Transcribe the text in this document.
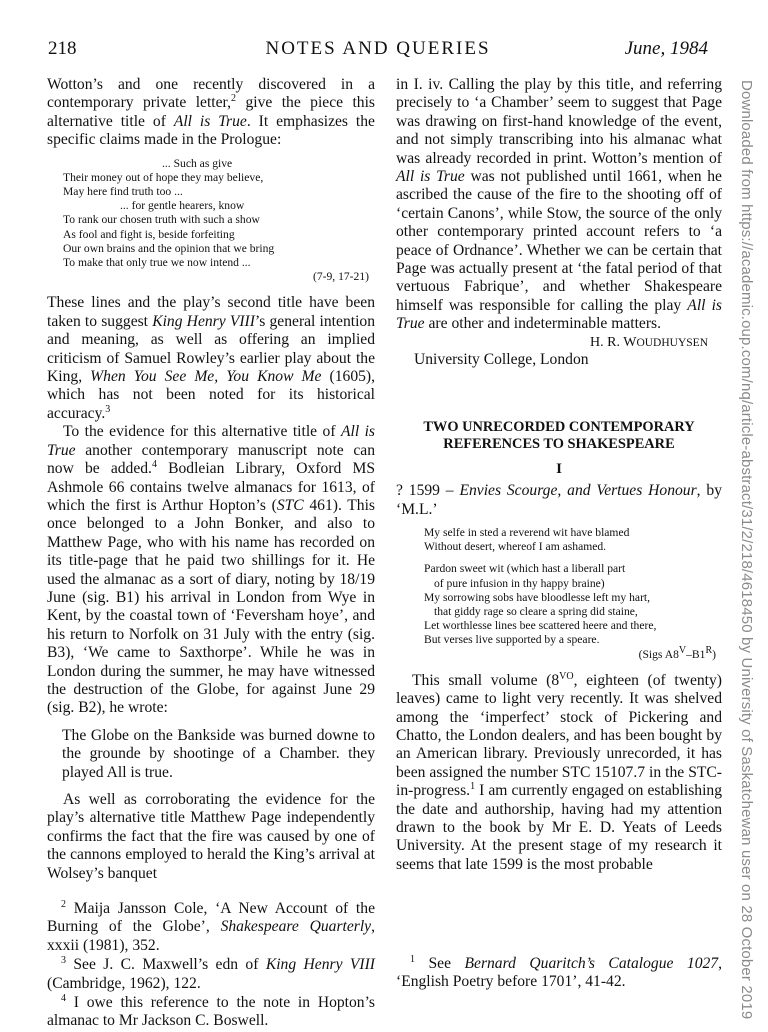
218	NOTES AND QUERIES	June, 1984

Wotton’s and one recently discovered in a contemporary private letter,$^2$ give the piece this alternative title of All is True. It emphasizes the specific claims made in the Prologue:

... Such as give
Their money out of hope they may believe,
May here find truth too ...
... for gentle hearers, know
To rank our chosen truth with such a show
As fool and fight is, beside forfeiting
Our own brains and the opinion that we bring
To make that only true we now intend ...
(7-9, 17-21)

These lines and the play’s second title have been taken to suggest King Henry VIII’s general intention and meaning, as well as offering an implied criticism of Samuel Rowley’s earlier play about the King, When You See Me, You Know Me (1605), which has not been noted for its historical accuracy.$^3$

To the evidence for this alternative title of All is True another contemporary manuscript note can now be added.$^4$ Bodleian Library, Oxford MS Ashmole 66 contains twelve almanacs for 1613, of which the first is Arthur Hopton’s (STC 461). This once belonged to a John Bonker, and also to Matthew Page, who with his name has recorded on its title-page that he paid two shillings for it. He used the almanac as a sort of diary, noting by 18/19 June (sig. B1) his arrival in London from Wye in Kent, by the coastal town of ‘Feversham hoye’, and his return to Norfolk on 31 July with the entry (sig. B3), ‘We came to Saxthorpe’. While he was in London during the summer, he may have witnessed the destruction of the Globe, for against June 29 (sig. B2), he wrote:

The Globe on the Bankside was burned downe to the grounde by shootinge of a Chamber. they played All is true.

As well as corroborating the evidence for the play’s alternative title Matthew Page independently confirms the fact that the fire was caused by one of the cannons employed to herald the King’s arrival at Wolsey’s banquet

$^2$ Maija Jansson Cole, ‘A New Account of the Burning of the Globe’, Shakespeare Quarterly, xxxii (1981), 352.

$^3$ See J. C. Maxwell’s edn of King Henry VIII (Cambridge, 1962), 122.

$^4$ I owe this reference to the note in Hopton’s almanac to Mr Jackson C. Boswell.

in I. iv. Calling the play by this title, and referring precisely to ‘a Chamber’ seem to suggest that Page was drawing on first-hand knowledge of the event, and not simply transcribing into his almanac what was already recorded in print. Wotton’s mention of All is True was not published until 1661, when he ascribed the cause of the fire to the shooting off of ‘certain Canons’, while Stow, the source of the only other contemporary printed account refers to ‘a peace of Ordnance’. Whether we can be certain that Page was actually present at ‘the fatal period of that vertuous Fabrique’, and whether Shakespeare himself was responsible for calling the play All is True are other and indeterminable matters.

H. R. WOUDHUYSEN
University College, London

TWO UNRECORDED CONTEMPORARY
REFERENCES TO SHAKESPEARE

I

? 1599 – Envies Scourge, and Vertues Honour, by ‘M.L.’

My selfe in sted a reverend wit have blamed
Without desert, whereof I am ashamed.
Pardon sweet wit (which hast a liberall part
of pure infusion in thy happy braine)
My sorrowing sobs have bloodlesse left my hart,
that giddy rage so cleare a spring did staine,
Let worthlesse lines bee scattered heere and there,
But verses live supported by a speare.
(Sigs $A8^V-B1^R$)

This small volume ($8^{VO}$, eighteen (of twenty) leaves) came to light very recently. It was shelved among the ‘imperfect’ stock of Pickering and Chatto, the London dealers, and has been bought by an American library. Previously unrecorded, it has been assigned the number STC 15107.7 in the STC-in-progress.$^1$ I am currently engaged on establishing the date and authorship, having had my attention drawn to the book by Mr E. D. Yeats of Leeds University. At the present stage of my research it seems that late 1599 is the most probable

$^1$ See Bernard Quaritch’s Catalogue 1027, ‘English Poetry before 1701’, 41-42.	Downloaded from https://academic.oup.com/nq/article-abstract/31/2/218/4618450 by University of Saskatchewan user on 28 October 2019
